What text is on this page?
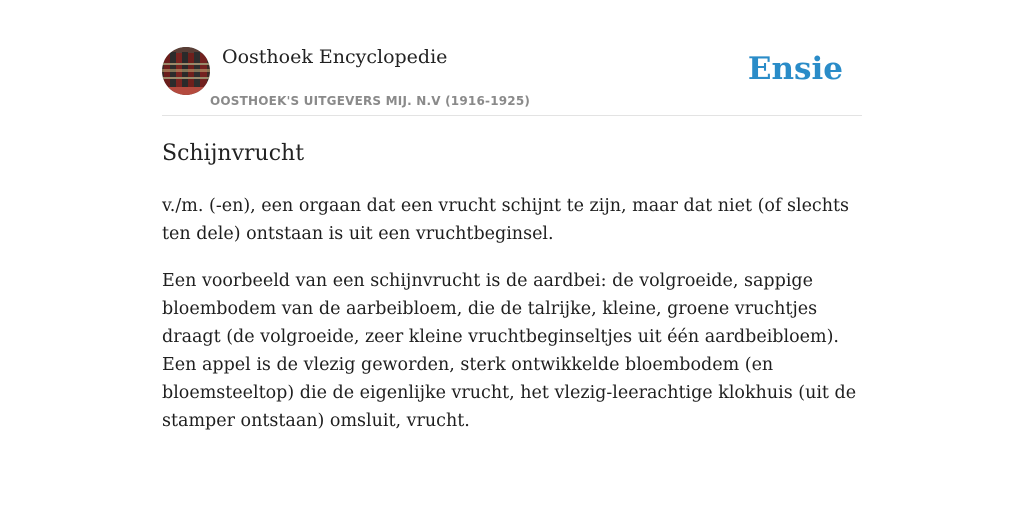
Oosthoek Encyclopedie
OOSTHOEK'S UITGEVERS MIJ. N.V (1916-1925)
Ensie
Schijnvrucht

v./m. (-en), een orgaan dat een vrucht schijnt te zijn, maar dat niet (of slechts ten dele) ontstaan is uit een vruchtbeginsel.

Een voorbeeld van een schijnvrucht is de aardbei: de volgroeide, sappige bloembodem van de aarbeibloem, die de talrijke, kleine, groene vruchtjes draagt (de volgroeide, zeer kleine vruchtbeginseltjes uit één aardbeibloem). Een appel is de vlezig geworden, sterk ontwikkelde bloembodem (en bloemsteeltop) die de eigenlijke vrucht, het vlezig-leerachtige klokhuis (uit de stamper ontstaan) omsluit, vrucht.
